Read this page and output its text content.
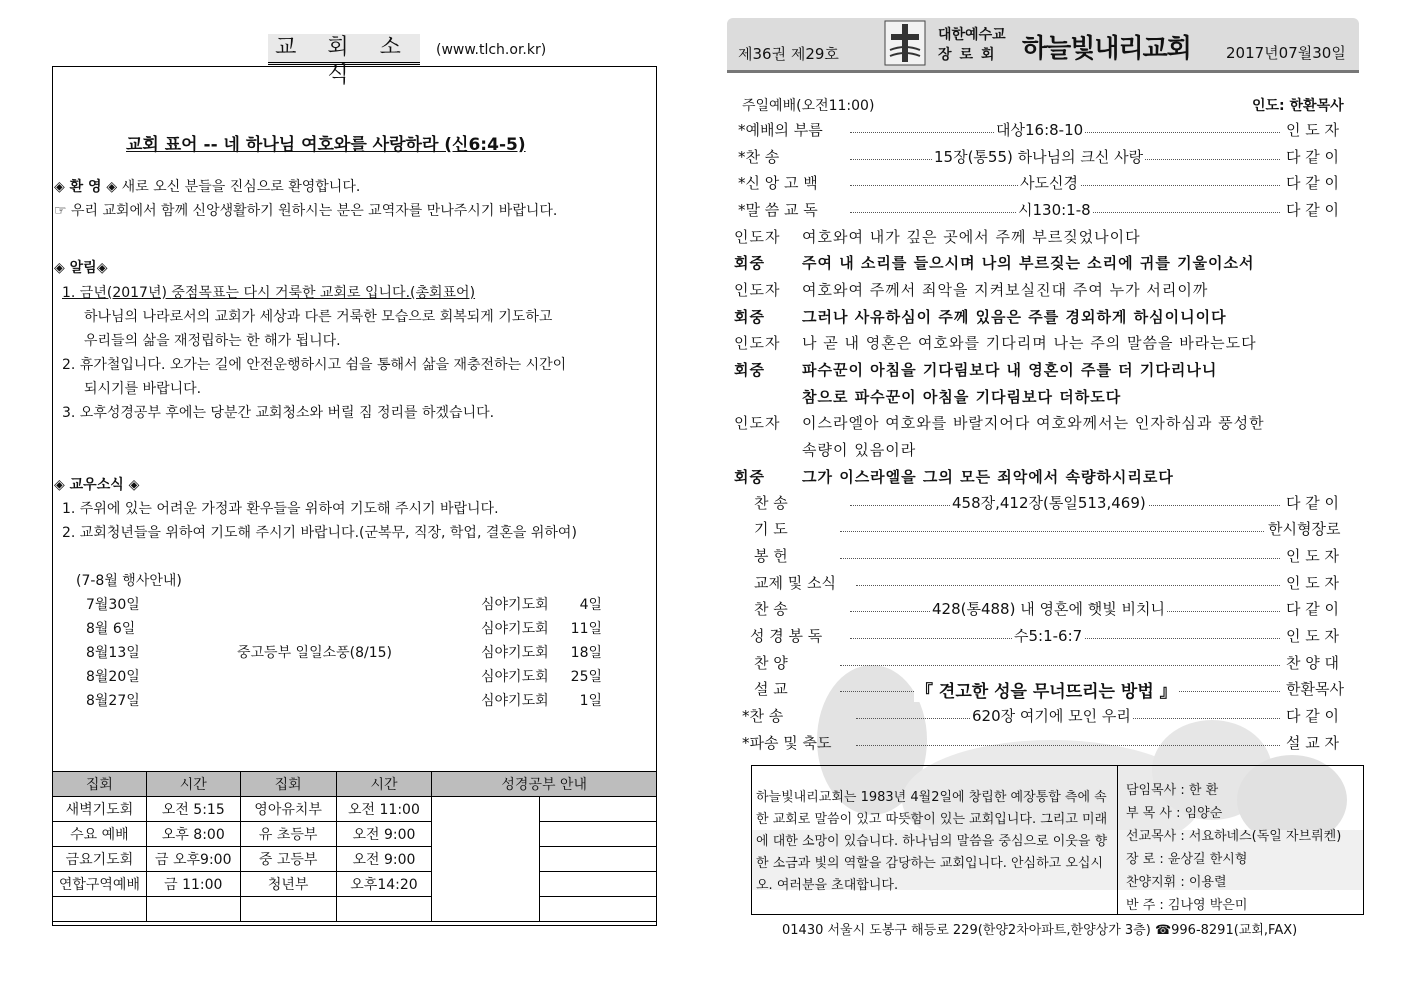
교 회 소 식
(www.tlch.or.kr)
교회 표어 -- 네 하나님 여호와를 사랑하라 (신6:4-5)
◈ 환 영 ◈ 새로 오신 분들을 진심으로 환영합니다.
☞ 우리 교회에서 함께 신앙생활하기 원하시는 분은 교역자를 만나주시기 바랍니다.
◈ 알림◈
1. 금년(2017년) 중점목표는 다시 거룩한 교회로 입니다.(총회표어)
하나님의 나라로서의 교회가 세상과 다른 거룩한 모습으로 회복되게 기도하고
우리들의 삶을 재정립하는 한 해가 됩니다.
2. 휴가철입니다. 오가는 길에 안전운행하시고 쉼을 통해서 삶을 재충전하는 시간이
되시기를 바랍니다.
3. 오후성경공부 후에는 당분간 교회청소와 버릴 짐 정리를 하겠습니다.
◈ 교우소식 ◈
1. 주위에 있는 어려운 가정과 환우들을 위하여 기도해 주시기 바랍니다.
2. 교회청년들을 위하여 기도해 주시기 바랍니다.(군복무, 직장, 학업, 결혼을 위하여)
(7-8월 행사안내)
7월30일	심야기도회	4일
8월 6일	심야기도회	11일
8월13일	중고등부 일일소풍(8/15)	심야기도회	18일
8월20일	심야기도회	25일
8월27일	심야기도회	1일
집회	시간	집회	시간	성경공부 안내	
새벽기도회	오전 5:15	영아유치부	오전 11:00		
수요 예배	오후 8:00	유 초등부	오전 9:00		
금요기도회	금 오후9:00	중 고등부	오전 9:00		
연합구역예배	금 11:00	청년부	오후14:20		

제36권 제29호
대한예수교
장로회 하늘빛내리교회 2017년07월30일
주일예배(오전11:00)	인도: 한환목사
*예배의 부름	대상16:8-10	인 도 자
*찬 송	15장(통55) 하나님의 크신 사랑	다 같 이
*신 앙 고 백	사도신경	다 같 이
*말 씀 교 독	시130:1-8	다 같 이
인도자 여호와여 내가 깊은 곳에서 주께 부르짖었나이다
회중 주여 내 소리를 들으시며 나의 부르짖는 소리에 귀를 기울이소서
인도자 여호와여 주께서 죄악을 지켜보실진대 주여 누가 서리이까
회중 그러나 사유하심이 주께 있음은 주를 경외하게 하심이니이다
인도자 나 곧 내 영혼은 여호와를 기다리며 나는 주의 말씀을 바라는도다
회중 파수꾼이 아침을 기다림보다 내 영혼이 주를 더 기다리나니
참으로 파수꾼이 아침을 기다림보다 더하도다
인도자 이스라엘아 여호와를 바랄지어다 여호와께서는 인자하심과 풍성한
속량이 있음이라
회중 그가 이스라엘을 그의 모든 죄악에서 속량하시리로다
찬 송	458장,412장(통일513,469)	다 같 이
기 도	한시형장로
봉 헌	인 도 자
교제 및 소식	인 도 자
찬 송	428(통488) 내 영혼에 햇빛 비치니	다 같 이
성 경 봉 독	수5:1-6:7	인 도 자
찬 양	찬 양 대
설 교	『 견고한 성을 무너뜨리는 방법 』	한환목사
*찬 송	620장 여기에 모인 우리	다 같 이
*파송 및 축도	설 교 자
하늘빛내리교회는 1983년 4월2일에 창립한 예장통합 측에 속한 교회로 말씀이 있고 따뜻함이 있는 교회입니다. 그리고 미래에 대한 소망이 있습니다. 하나님의 말씀을 중심으로 이웃을 향한 소금과 빛의 역할을 감당하는 교회입니다. 안심하고 오십시오. 여러분을 초대합니다.
담임목사 : 한 환
부 목 사 : 임양순
선교목사 : 서요하네스(독일 자브뤼켄)
장 로 : 윤상길 한시형
찬양지휘 : 이용렬
반 주 : 김나영 박은미
01430 서울시 도봉구 해등로 229(한양2차아파트,한양상가 3층) ☎996-8291(교회,FAX)
